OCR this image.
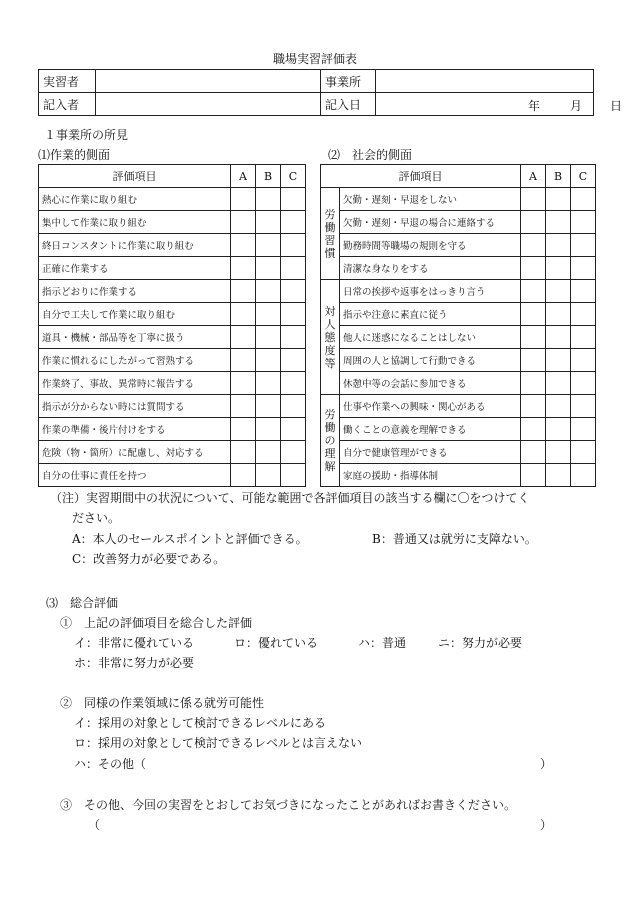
職場実習評価表
実習者		事業所	
記入者		記入日	年 月 日
１事業所の所見
⑴作業的側面	⑵　社会的側面
評価項目	A	B	C
熱心に作業に取り組む			
集中して作業に取り組む			
終日コンスタントに作業に取り組む			
正確に作業する			
指示どおりに作業する			
自分で工夫して作業に取り組む			
道具・機械・部品等を丁寧に扱う			
作業に慣れるにしたがって習熟する			
作業終了、事故、異常時に報告する			
指示が分からない時には質問する			
作業の準備・後片付けをする			
危険（物・箇所）に配慮し、対応する			
自分の仕事に責任を持つ			
評価項目		A	B	C
労働習慣	欠勤・遅刻・早退をしない			
	欠勤・遅刻・早退の場合に連絡する			
	勤務時間等職場の規則を守る			
	清潔な身なりをする			
対人態度等	日常の挨拶や返事をはっきり言う			
	指示や注意に素直に従う			
	他人に迷惑になることはしない			
	周囲の人と協調して行動できる			
	休憩中等の会話に参加できる			
労働の理解	仕事や作業への興味・関心がある			
	働くことの意義を理解できる			
	自分で健康管理ができる			
	家庭の援助・指導体制			
（注）実習期間中の状況について、可能な範囲で各評価項目の該当する欄に〇をつけてく
ださい。
A：本人のセールスポイントと評価できる。	B：普通又は就労に支障ない。
C：改善努力が必要である。
⑶　総合評価
①　上記の評価項目を総合した評価
イ：非常に優れている	ロ：優れている	ハ：普通	ニ：努力が必要
ホ：非常に努力が必要
②　同様の作業領域に係る就労可能性
イ：採用の対象として検討できるレベルにある
ロ：採用の対象として検討できるレベルとは言えない
ハ：その他（	）
③　その他、今回の実習をとおしてお気づきになったことがあればお書きください。
（	）
